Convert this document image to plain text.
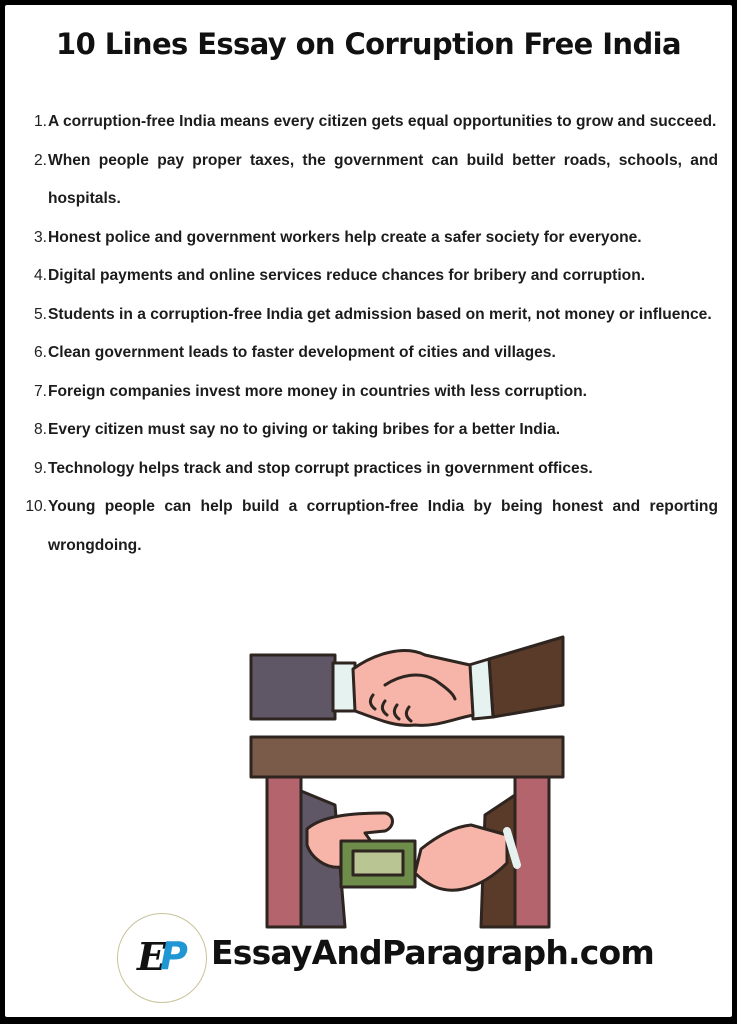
10 Lines Essay on Corruption Free India
1. A corruption-free India means every citizen gets equal opportunities to grow and succeed.
2. When people pay proper taxes, the government can build better roads, schools, and hospitals.
3. Honest police and government workers help create a safer society for everyone.
4. Digital payments and online services reduce chances for bribery and corruption.
5. Students in a corruption-free India get admission based on merit, not money or influence.
6. Clean government leads to faster development of cities and villages.
7. Foreign companies invest more money in countries with less corruption.
8. Every citizen must say no to giving or taking bribes for a better India.
9. Technology helps track and stop corrupt practices in government offices.
10. Young people can help build a corruption-free India by being honest and reporting wrongdoing.
E P EssayAndParagraph.com
